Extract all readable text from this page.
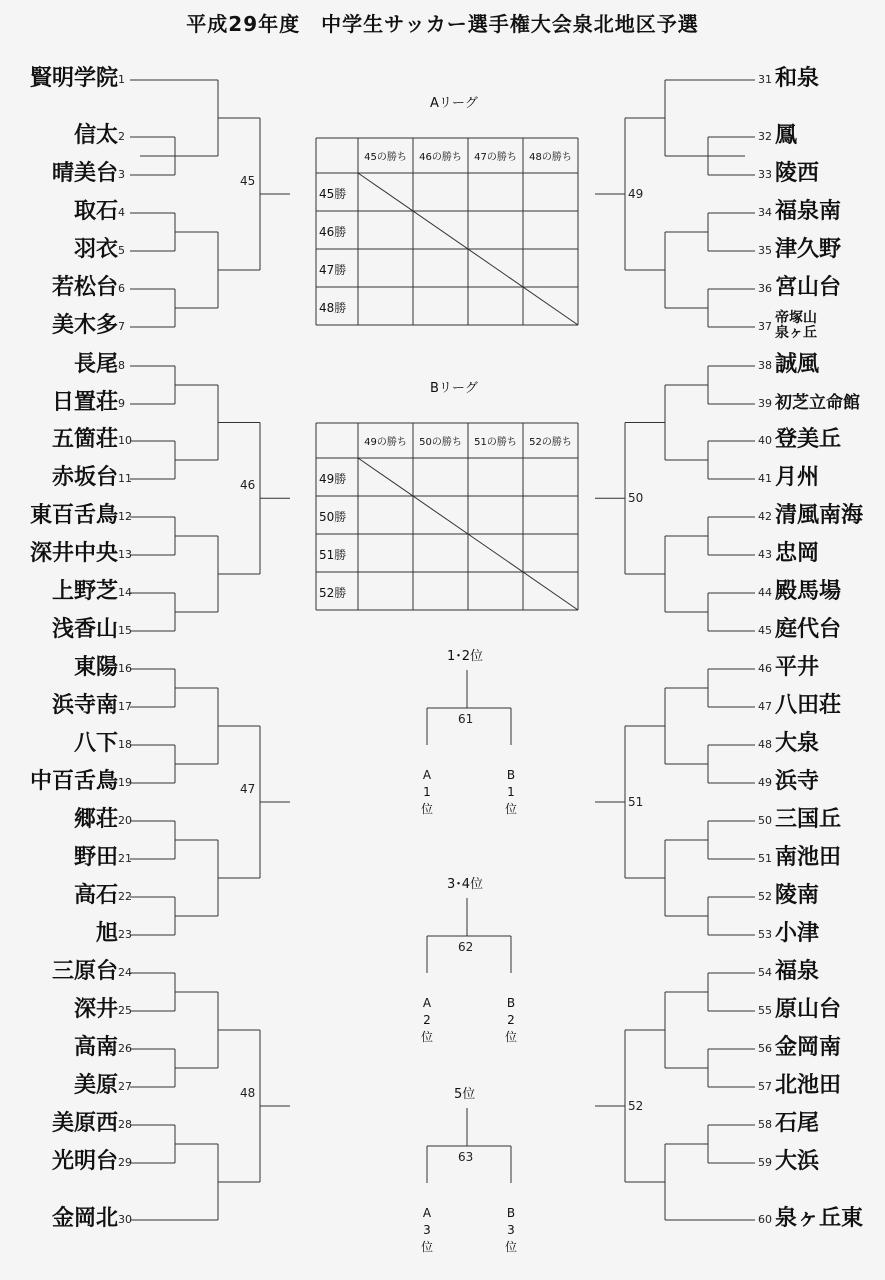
平成29年度　中学生サッカー選手権大会泉北地区予選
賢明学院 1
信太 2
晴美台 3
取石 4
羽衣 5
若松台 6
美木多 7
長尾 8
日置荘 9
五箇荘 10
赤坂台 11
東百舌鳥 12
深井中央 13
上野芝 14
浅香山 15
東陽 16
浜寺南 17
八下 18
中百舌鳥 19
郷荘 20
野田 21
高石 22
旭 23
三原台 24
深井 25
高南 26
美原 27
美原西 28
光明台 29
金岡北 30
和泉
31
鳳
32
陵西
33
福泉南
34
津久野
35
宮山台
36
帝塚山
泉ヶ丘
37
誠風
38
初芝立命館
39
登美丘
40
月州
41
清風南海
42
忠岡
43
殿馬場
44
庭代台
45
平井
46
八田荘
47
大泉
48
浜寺
49
三国丘
50
南池田
51
陵南
52
小津
53
福泉
54
原山台
55
金岡南
56
北池田
57
石尾
58
大浜
59
泉ヶ丘東
60
45
46
47
48
49
50
51
52
Aリーグ
45の勝ち	46の勝ち	47の勝ち	48の勝ち
45勝
46勝
47勝
48勝
Bリーグ
49の勝ち	50の勝ち	51の勝ち	52の勝ち
49勝
50勝
51勝
52勝
1･2位
61
A
1
位
B
1
位
3･4位
62
A
2
位
B
2
位
5位
63
A
3
位
B
3
位
